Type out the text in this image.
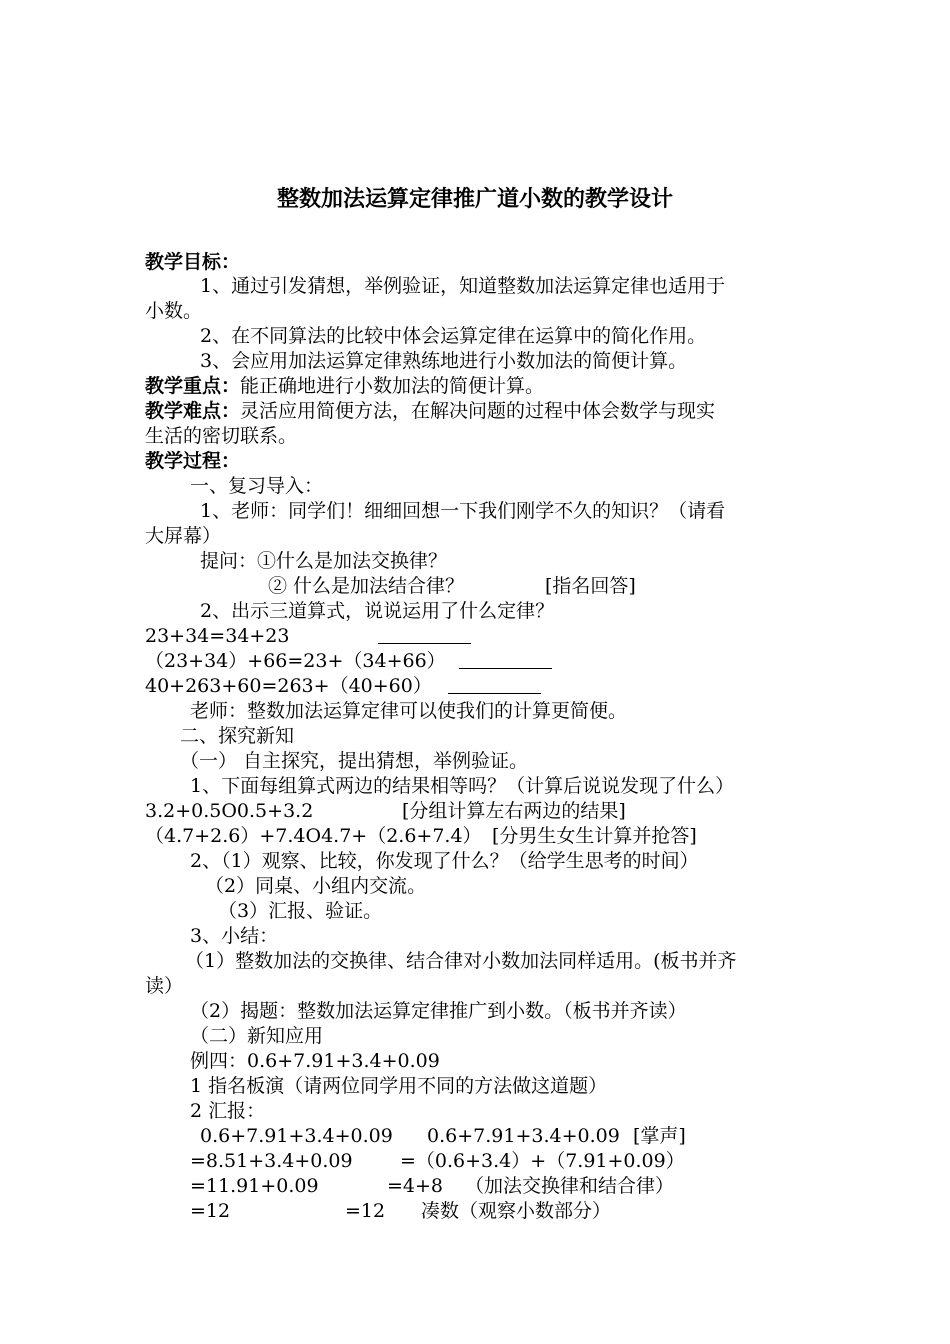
整数加法运算定律推广道小数的教学设计
教学目标：
1、通过引发猜想，举例验证，知道整数加法运算定律也适用于
小数。
2、在不同算法的比较中体会运算定律在运算中的简化作用。
3、会应用加法运算定律熟练地进行小数加法的简便计算。
教学重点：能正确地进行小数加法的简便计算。
教学难点：灵活应用简便方法，在解决问题的过程中体会数学与现实
生活的密切联系。
教学过程：
一、复习导入：
1、老师：同学们！细细回想一下我们刚学不久的知识？（请看
大屏幕）
提问：①什么是加法交换律？
② 什么是加法结合律？	[指名回答]
2、出示三道算式，说说运用了什么定律？
23+34=34+23
（23+34）+66=23+（34+66）
40+263+60=263+（40+60）
老师：整数加法运算定律可以使我们的计算更简便。
二、探究新知
（一） 自主探究，提出猜想，举例验证。
1、下面每组算式两边的结果相等吗？（计算后说说发现了什么）
3.2+0.5O0.5+3.2	[分组计算左右两边的结果]
（4.7+2.6）+7.4O4.7+（2.6+7.4） [分男生女生计算并抢答]
2、（1）观察、比较，你发现了什么？（给学生思考的时间）
（2）同桌、小组内交流。
（3）汇报、验证。
3、小结：
（1）整数加法的交换律、结合律对小数加法同样适用。(板书并齐
读）
（2）揭题：整数加法运算定律推广到小数。（板书并齐读）
（二）新知应用
例四：0.6+7.91+3.4+0.09
1 指名板演（请两位同学用不同的方法做这道题）
2 汇报：
0.6+7.91+3.4+0.09
=8.51+3.4+0.09
=11.91+0.09
=12
0.6+7.91+3.4+0.09
=（0.6+3.4）+（7.91+0.09）
=4+8
=12
[掌声]
（加法交换律和结合律）
凑数（观察小数部分）
